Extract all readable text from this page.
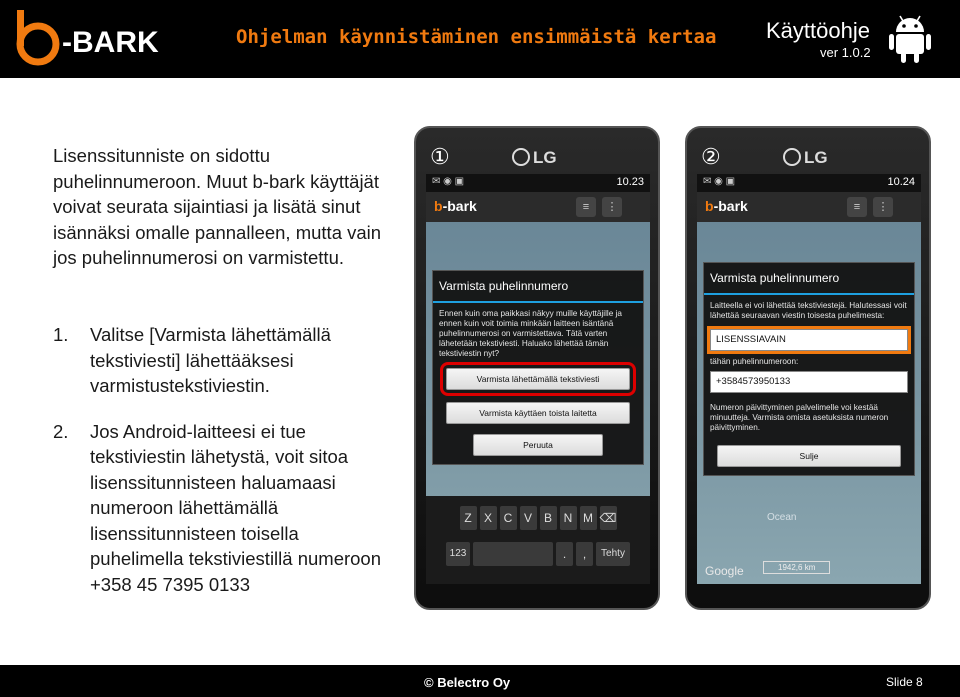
-BARK	Ohjelman käynnistäminen ensimmäistä kertaa Käyttöohje
ver 1.0.2

Lisenssitunniste on sidottu puhelinnumeroon. Muut b-bark käyttäjät voivat seurata sijaintiasi ja lisätä sinut isännäksi omalle pannalleen, mutta vain jos puhelinnumerosi on varmistettu.

1. Valitse [Varmista lähettämällä tekstiviesti] lähettääksesi varmistustekstiviestin.
2. Jos Android-laitteesi ei tue tekstiviestin lähetystä, voit sitoa lisenssitunnisteen haluamaasi numeroon lähettämällä lisenssitunnisteen toisella puhelimella tekstiviestillä numeroon +358 45 7395 0133
①	LG
✉ ◉ ▣	10.23
b-bark	≡	⋮
Varmista puhelinnumero
Ennen kuin oma paikkasi näkyy muille käyttäjille ja ennen kuin voit toimia minkään laitteen isäntänä puhelinnumerosi on varmistettava. Tätä varten lähetetään tekstiviesti. Haluako lähettää tämän tekstiviestin nyt?
Varmista lähettämällä tekstiviesti
Varmista käyttäen toista laitetta
Peruuta
Z	X C V B N M ⌫
123	.	,	Tehty
②	LG
✉ ◉ ▣	10.24
b-bark	≡	⋮
Ocean
Varmista puhelinnumero
Laitteella ei voi lähettää tekstiviestejä. Halutessasi voit lähettää seuraavan viestin toisesta puhelimesta:
LISENSSIAVAIN
tähän puhelinnumeroon:
+3584573950133
Numeron päivittyminen palvelimelle voi kestää minuutteja. Varmista omista asetuksista numeron päivittyminen.
Sulje
Google	1942,6 km
© Belectro Oy	Slide 8
